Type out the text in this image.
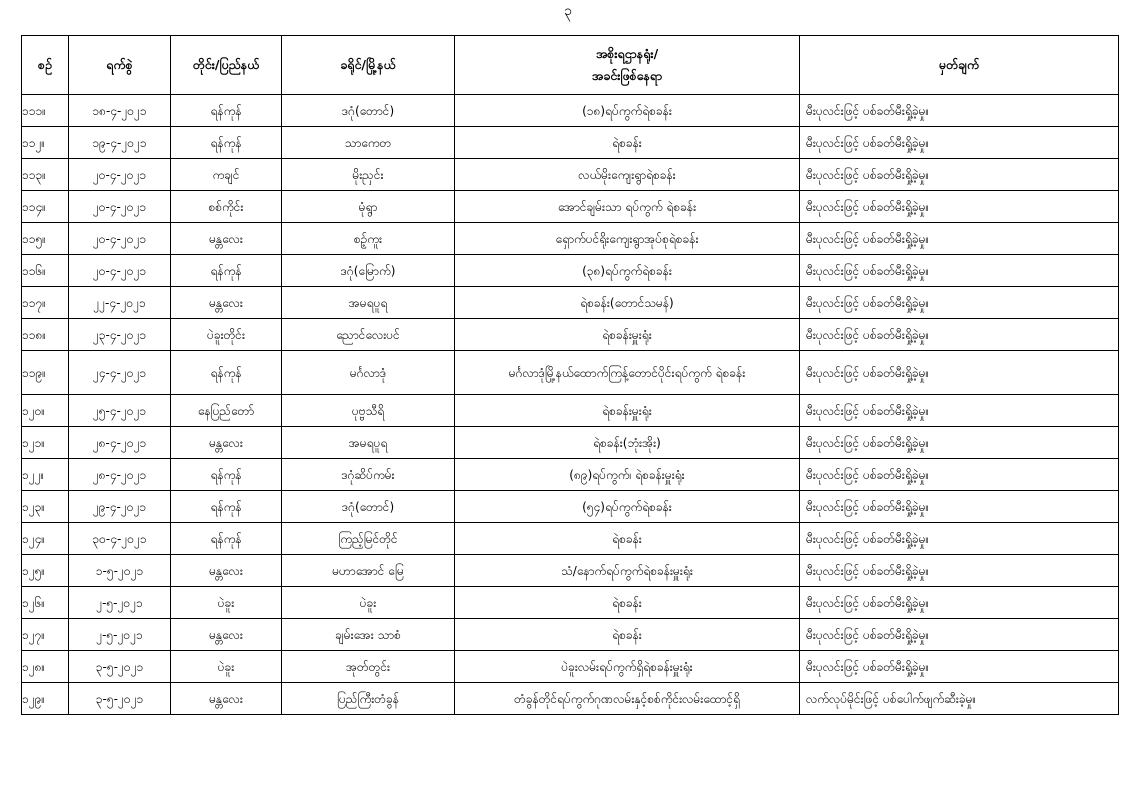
၃
စဉ်	ရက်စွဲ	တိုင်း/ပြည်နယ်	ခရိုင်/မြို့နယ်	အစိုးရဌာနရုံး/
အခင်းဖြစ်နေရာ	မှတ်ချက်
၁၁၁။	၁၈-၄-၂၀၂၁	ရန်ကုန်	ဒဂုံ(တောင်)	(၁၈)ရပ်ကွက်ရဲစခန်း	မီးပုလင်းဖြင့် ပစ်ခတ်မီးရှို့ခဲ့မှု။
၁၁၂။	၁၉-၄-၂၀၂၁	ရန်ကုန်	သာကေတ	ရဲစခန်း	မီးပုလင်းဖြင့် ပစ်ခတ်မီးရှို့ခဲ့မှု။
၁၁၃။	၂၀-၄-၂၀၂၁	ကချင်	မိုးညှင်း	လယ်မိုးကျေးရွာရဲစခန်း	မီးပုလင်းဖြင့် ပစ်ခတ်မီးရှို့ခဲ့မှု။
၁၁၄။	၂၀-၄-၂၀၂၁	စစ်ကိုင်း	မုံရွာ	အောင်ချမ်းသာ ရပ်ကွက် ရဲစခန်း	မီးပုလင်းဖြင့် ပစ်ခတ်မီးရှို့ခဲ့မှု။
၁၁၅။	၂၀-၄-၂၀၂၁	မန္တလေး	စဉ့်ကူး	ရှောက်ပင်ရိုးကျေးရွာအုပ်စုရဲစခန်း	မီးပုလင်းဖြင့် ပစ်ခတ်မီးရှို့ခဲ့မှု။
၁၁၆။	၂၀-၄-၂၀၂၁	ရန်ကုန်	ဒဂုံ(မြောက်)	(၃၈)ရပ်ကွက်ရဲစခန်း	မီးပုလင်းဖြင့် ပစ်ခတ်မီးရှို့ခဲ့မှု။
၁၁၇။	၂၂-၄-၂၀၂၁	မန္တလေး	အမရပူရ	ရဲစခန်း(တောင်သမန်)	မီးပုလင်းဖြင့် ပစ်ခတ်မီးရှို့ခဲ့မှု။
၁၁၈။	၂၃-၄-၂၀၂၁	ပဲခူးတိုင်း	ညောင်လေးပင်	ရဲစခန်းမှူးရုံး	မီးပုလင်းဖြင့် ပစ်ခတ်မီးရှို့ခဲ့မှု။
၁၁၉။	၂၄-၄-၂၀၂၁	ရန်ကုန်	မင်္ဂလာဒုံ	မင်္ဂလာဒုံမြို့နယ်ထောက်ကြန့်တောင်ပိုင်းရပ်ကွက် ရဲစခန်း	မီးပုလင်းဖြင့် ပစ်ခတ်မီးရှို့ခဲ့မှု။
၁၂၀။	၂၅-၄-၂၀၂၁	နေပြည်တော်	ပုဗ္ဗသီရိ	ရဲစခန်းမှူးရုံး	မီးပုလင်းဖြင့် ပစ်ခတ်မီးရှို့ခဲ့မှု။
၁၂၁။	၂၈-၄-၂၀၂၁	မန္တလေး	အမရပူရ	ရဲစခန်း(ဘုံးအိုး)	မီးပုလင်းဖြင့် ပစ်ခတ်မီးရှို့ခဲ့မှု။
၁၂၂။	၂၈-၄-၂၀၂၁	ရန်ကုန်	ဒဂုံဆိပ်ကမ်း	(၈၉)ရပ်ကွက်၊ ရဲစခန်းမှူးရုံး	မီးပုလင်းဖြင့် ပစ်ခတ်မီးရှို့ခဲ့မှု။
၁၂၃။	၂၉-၄-၂၀၂၁	ရန်ကုန်	ဒဂုံ(တောင်)	(၅၄)ရပ်ကွက်ရဲစခန်း	မီးပုလင်းဖြင့် ပစ်ခတ်မီးရှို့ခဲ့မှု။
၁၂၄။	၃၀-၄-၂၀၂၁	ရန်ကုန်	ကြည့်မြင်တိုင်	ရဲစခန်း	မီးပုလင်းဖြင့် ပစ်ခတ်မီးရှို့ခဲ့မှု။
၁၂၅။	၁-၅-၂၀၂၁	မန္တလေး	မဟာအောင် မြေ	သံ/နောက်ရပ်ကွက်ရဲစခန်းမှူးရုံး	မီးပုလင်းဖြင့် ပစ်ခတ်မီးရှို့ခဲ့မှု။
၁၂၆။	၂-၅-၂၀၂၁	ပဲခူး	ပဲခူး	ရဲစခန်း	မီးပုလင်းဖြင့် ပစ်ခတ်မီးရှို့ခဲ့မှု။
၁၂၇။	၂-၅-၂၀၂၁	မန္တလေး	ချမ်းအေး သာစံ	ရဲစခန်း	မီးပုလင်းဖြင့် ပစ်ခတ်မီးရှို့ခဲ့မှု။
၁၂၈။	၃-၅-၂၀၂၁	ပဲခူး	အုတ်တွင်း	ပဲခူးလမ်းရပ်ကွက်ရှိရဲစခန်းမှူးရုံး	မီးပုလင်းဖြင့် ပစ်ခတ်မီးရှို့ခဲ့မှု။
၁၂၉။	၃-၅-၂၀၂၁	မန္တလေး	ပြည်ကြီးတံခွန်	တံခွန်တိုင်ရပ်ကွက်ဂုဏလမ်းနှင့်စစ်ကိုင်းလမ်းထောင့်ရှိ	လက်လုပ်မိုင်းဖြင့် ပစ်ပေါက်ဖျက်ဆီးခဲ့မှု။
